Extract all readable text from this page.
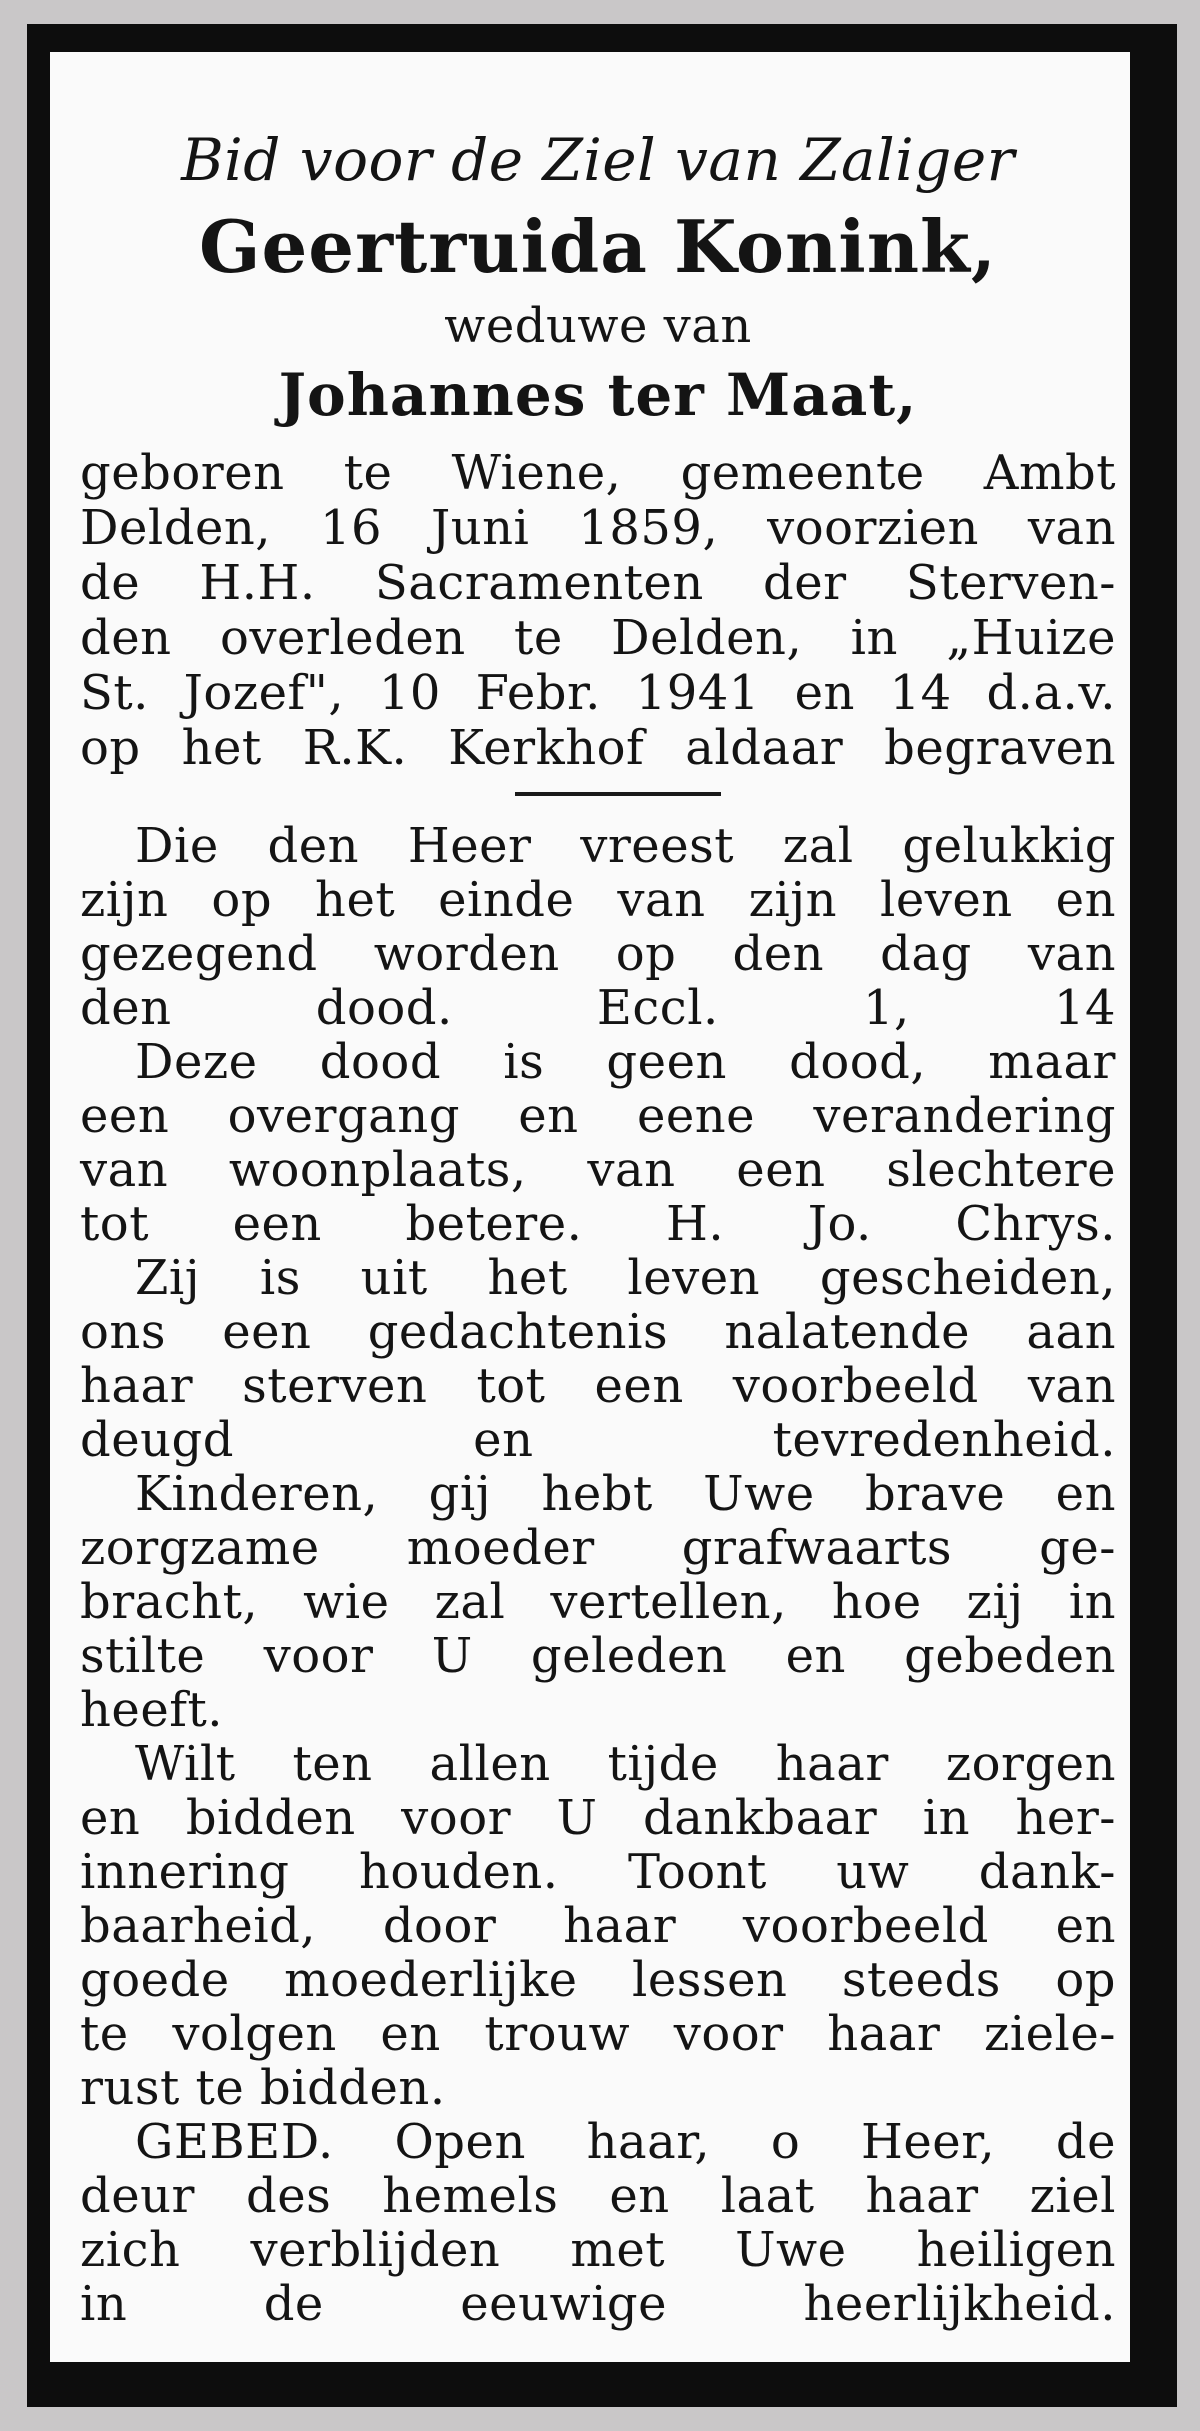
Bid voor de Ziel van Zaliger

Geertruida Konink,

weduwe van

Johannes ter Maat,

geboren te Wiene, gemeente Ambt

Delden, 16 Juni 1859, voorzien van

de H.H. Sacramenten der Sterven-

den overleden te Delden, in „Huize

St. Jozef", 10 Febr. 1941 en 14 d.a.v.

op het R.K. Kerkhof aldaar begraven

Die den Heer vreest zal gelukkig

zijn op het einde van zijn leven en

gezegend worden op den dag van

den dood. Eccl. 1, 14

Deze dood is geen dood, maar

een overgang en eene verandering

van woonplaats, van een slechtere

tot een betere. H. Jo. Chrys.

Zij is uit het leven gescheiden,

ons een gedachtenis nalatende aan

haar sterven tot een voorbeeld van

deugd en tevredenheid.

Kinderen, gij hebt Uwe brave en

zorgzame moeder grafwaarts ge-

bracht, wie zal vertellen, hoe zij in

stilte voor U geleden en gebeden

heeft.

Wilt ten allen tijde haar zorgen

en bidden voor U dankbaar in her-

innering houden. Toont uw dank-

baarheid, door haar voorbeeld en

goede moederlijke lessen steeds op

te volgen en trouw voor haar ziele-

rust te bidden.

GEBED. Open haar, o Heer, de

deur des hemels en laat haar ziel

zich verblijden met Uwe heiligen

in de eeuwige heerlijkheid.
